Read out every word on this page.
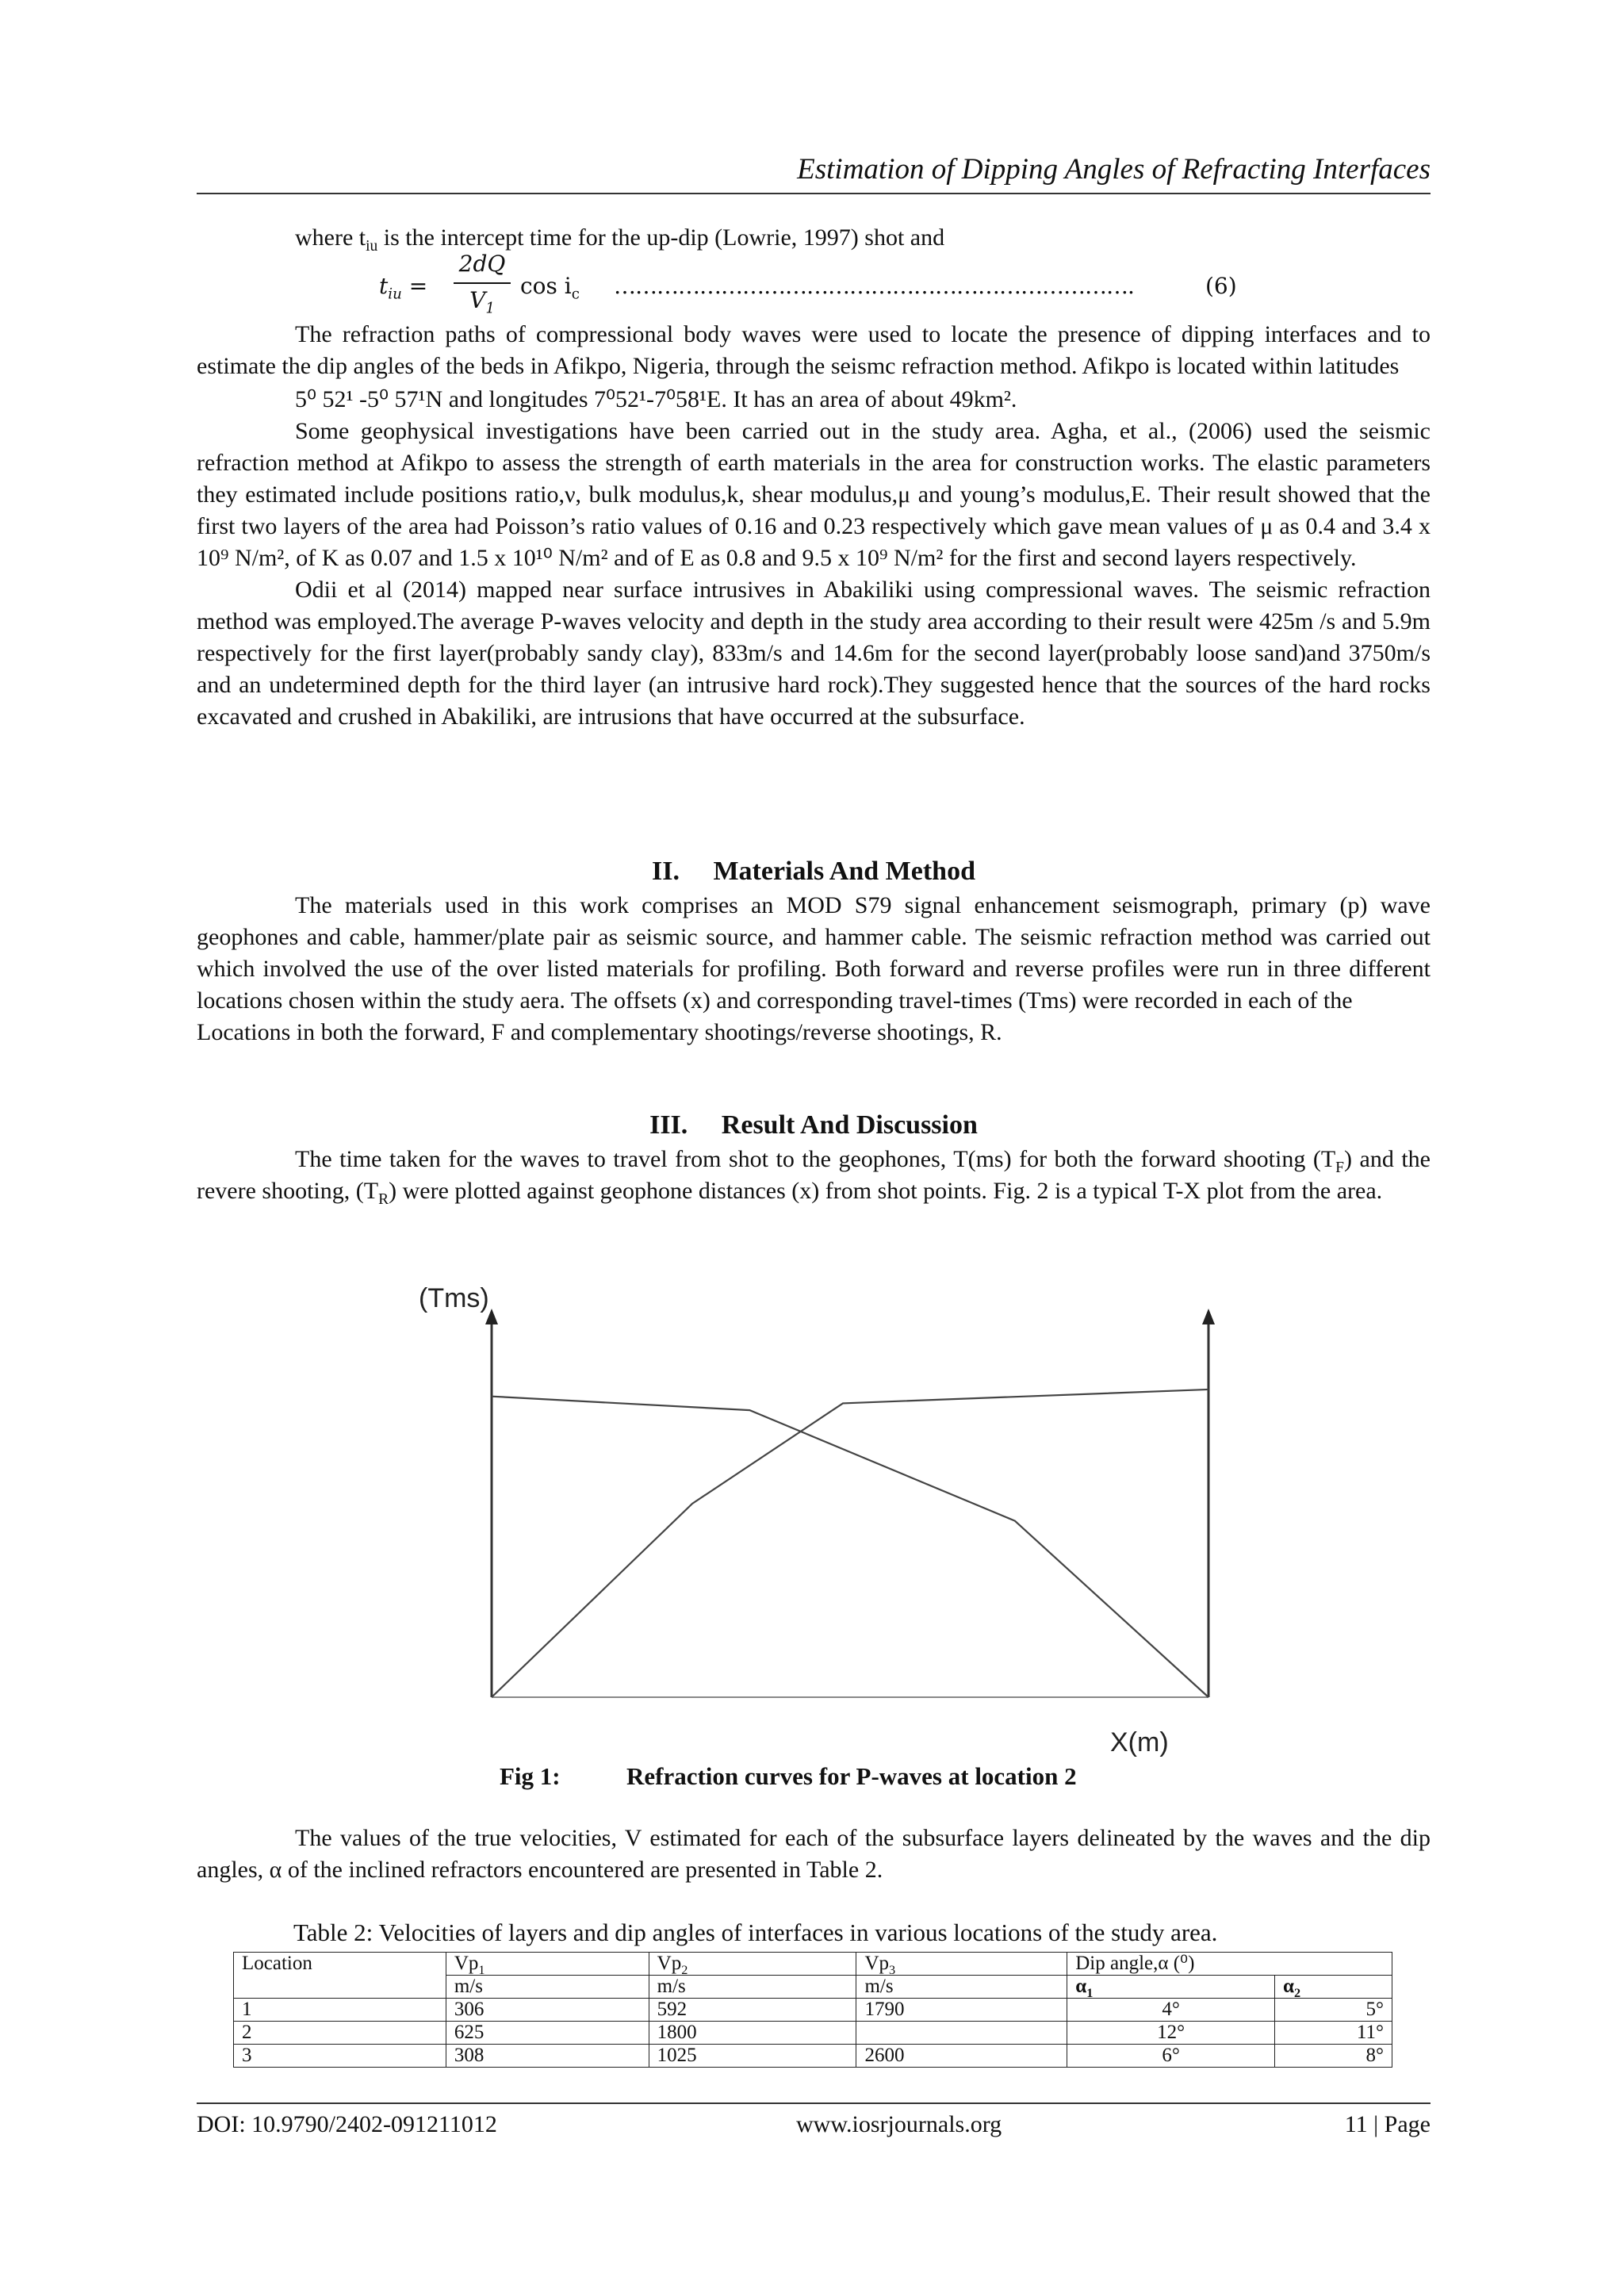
Estimation of Dipping Angles of Refracting Interfaces

where $t_{iu}$ is the intercept time for the up-dip (Lowrie, 1997) shot and

$t_{iu}$ =
2dQ
$V_1$
$\cos i_c$ ……………………………………………………………….	(6)

The refraction paths of compressional body waves were used to locate the presence of dipping interfaces and to estimate the dip angles of the beds in Afikpo, Nigeria, through the seismc refraction method. Afikpo is located within latitudes

5⁰ 52¹ -5⁰ 57¹N and longitudes 7⁰52¹-7⁰58¹E. It has an area of about 49km².

Some geophysical investigations have been carried out in the study area. Agha, et al., (2006) used the seismic refraction method at Afikpo to assess the strength of earth materials in the area for construction works. The elastic parameters they estimated include positions ratio,ν, bulk modulus,k, shear modulus,μ and young’s modulus,E. Their result showed that the first two layers of the area had Poisson’s ratio values of 0.16 and 0.23 respectively which gave mean values of μ as 0.4 and 3.4 x 10⁹ N/m², of K as 0.07 and 1.5 x 10¹⁰ N/m² and of E as 0.8 and 9.5 x 10⁹ N/m² for the first and second layers respectively.

Odii et al (2014) mapped near surface intrusives in Abakiliki using compressional waves. The seismic refraction method was employed.The average P-waves velocity and depth in the study area according to their result were 425m /s and 5.9m respectively for the first layer(probably sandy clay), 833m/s and 14.6m for the second layer(probably loose sand)and 3750m/s and an undetermined depth for the third layer (an intrusive hard rock).They suggested hence that the sources of the hard rocks excavated and crushed in Abakiliki, are intrusions that have occurred at the subsurface.

II. Materials And Method

The materials used in this work comprises an MOD S79 signal enhancement seismograph, primary (p) wave geophones and cable, hammer/plate pair as seismic source, and hammer cable. The seismic refraction method was carried out which involved the use of the over listed materials for profiling. Both forward and reverse profiles were run in three different locations chosen within the study aera. The offsets (x) and corresponding travel-times (Tms) were recorded in each of the

Locations in both the forward, F and complementary shootings/reverse shootings, R.

III. Result And Discussion

The time taken for the waves to travel from shot to the geophones, T(ms) for both the forward shooting $(T_F)$ and the revere shooting, $(T_R)$ were plotted against geophone distances (x) from shot points. Fig. 2 is a typical T-X plot from the area.

(Tms)
X(m)
Fig 1:	Refraction curves for P-waves at location 2

The values of the true velocities, V estimated for each of the subsurface layers delineated by the waves and the dip angles, α of the inclined refractors encountered are presented in Table 2.

Table 2: Velocities of layers and dip angles of interfaces in various locations of the study area.
Location	$Vp_1$	$Vp_2$	$Vp_3$	Dip angle,α (⁰)	
	m/s	m/s	m/s	$\alpha_1$	$\alpha_2$
1	306	592	1790	4°	5°
2	625	1800		12°	11°
3	308	1025	2600	6°	8°
DOI: 10.9790/2402-091211012	www.iosrjournals.org	11 | Page
